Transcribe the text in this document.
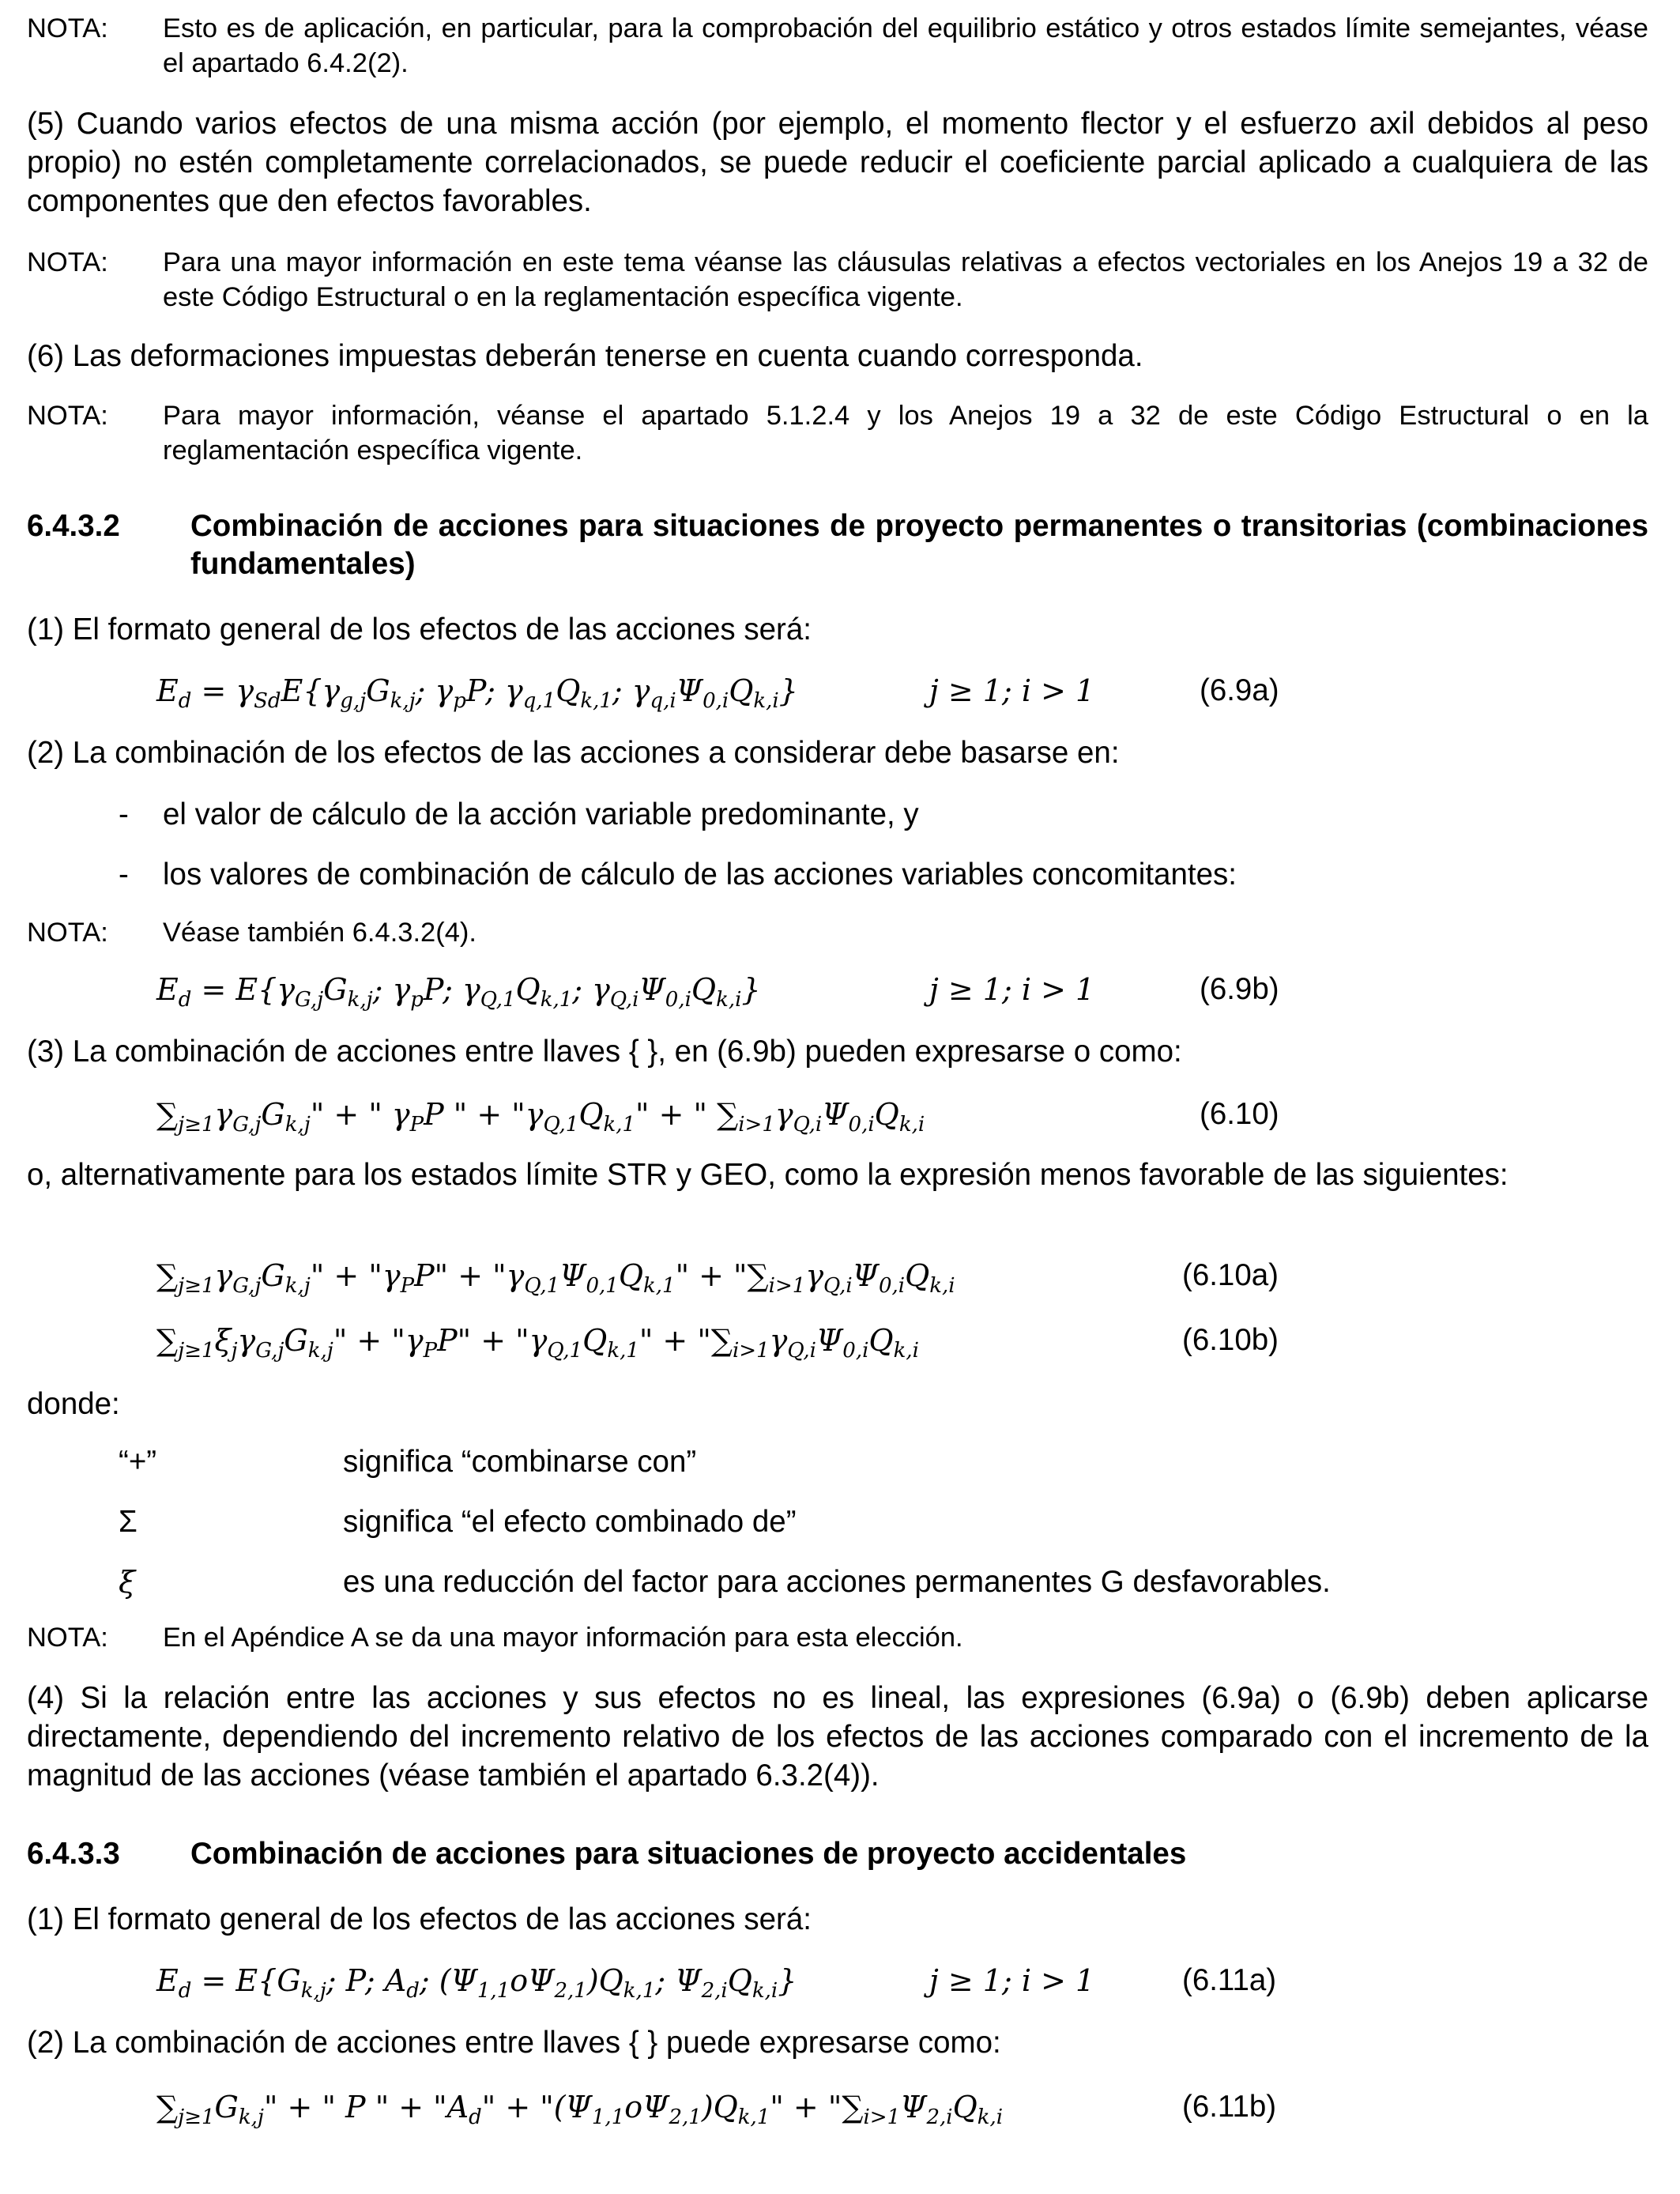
NOTA: Esto es de aplicación, en particular, para la comprobación del equilibrio estático y otros estados límite semejantes, véase el apartado 6.4.2(2).
(5) Cuando varios efectos de una misma acción (por ejemplo, el momento flector y el esfuerzo axil debidos al peso propio) no estén completamente correlacionados, se puede reducir el coeficiente parcial aplicado a cualquiera de las componentes que den efectos favorables.
NOTA: Para una mayor información en este tema véanse las cláusulas relativas a efectos vectoriales en los Anejos 19 a 32 de este Código Estructural o en la reglamentación específica vigente.
(6) Las deformaciones impuestas deberán tenerse en cuenta cuando corresponda.
NOTA: Para mayor información, véanse el apartado 5.1.2.4 y los Anejos 19 a 32 de este Código Estructural o en la reglamentación específica vigente.
6.4.3.2 Combinación de acciones para situaciones de proyecto permanentes o transitorias (combinaciones fundamentales)
(1) El formato general de los efectos de las acciones será:
$E_d = \gamma_{Sd}E\{\gamma_{g,j}G_{k,j}$; $\gamma_pP$; $\gamma_{q,1}Q_{k,1}$; $\gamma_{q,i}\Psi_{0,i}Q_{k,i}$}	j ≥ 1; i > 1	(6.9a)
(2) La combinación de los efectos de las acciones a considerar debe basarse en:
- el valor de cálculo de la acción variable predominante, y
- los valores de combinación de cálculo de las acciones variables concomitantes:
NOTA: Véase también 6.4.3.2(4).
$E_d = E\{\gamma_{G,j}G_{k,j}$; $\gamma_pP$; $\gamma_{Q,1}Q_{k,1}$; $\gamma_{Q,i}\Psi_{0,i}Q_{k,i}$}	j ≥ 1; i > 1	(6.9b)
(3) La combinación de acciones entre llaves { }, en (6.9b) pueden expresarse o como:
$\sum_{j\ge 1}\gamma_{G,j}G_{k,j}$" + " $\gamma_PP$ " + "$\gamma_{Q,1}Q_{k,1}$" + " $\sum_{i>1}\gamma_{Q,i}\Psi_{0,i}Q_{k,i}$	(6.10)
o, alternativamente para los estados límite STR y GEO, como la expresión menos favorable de las siguientes:
$\sum_{j\ge 1}\gamma_{G,j}G_{k,j}$" + "$\gamma_PP$" + "$\gamma_{Q,1}\Psi_{0,1}Q_{k,1}$" + "$\sum_{i>1}\gamma_{Q,i}\Psi_{0,i}Q_{k,i}$	(6.10a)
$\sum_{j\ge 1}\xi_j\gamma_{G,j}G_{k,j}$" + "$\gamma_PP$" + "$\gamma_{Q,1}Q_{k,1}$" + "$\sum_{i>1}\gamma_{Q,i}\Psi_{0,i}Q_{k,i}$	(6.10b)
donde:
“+”	significa “combinarse con”
Σ	significa “el efecto combinado de”
ξ	es una reducción del factor para acciones permanentes G desfavorables.
NOTA: En el Apéndice A se da una mayor información para esta elección.
(4) Si la relación entre las acciones y sus efectos no es lineal, las expresiones (6.9a) o (6.9b) deben aplicarse directamente, dependiendo del incremento relativo de los efectos de las acciones comparado con el incremento de la magnitud de las acciones (véase también el apartado 6.3.2(4)).
6.4.3.3 Combinación de acciones para situaciones de proyecto accidentales
(1) El formato general de los efectos de las acciones será:
$E_d = E\{G_{k,j}$; P; $A_d$; $(\Psi_{1,1}o\Psi_{2,1})Q_{k,1}$; $\Psi_{2,i}Q_{k,i}$}	j ≥ 1; i > 1	(6.11a)
(2) La combinación de acciones entre llaves { } puede expresarse como:
$\sum_{j\ge 1}G_{k,j}$" + " P " + "$A_d$" + "$(\Psi_{1,1}o\Psi_{2,1})Q_{k,1}$" + "$\sum_{i>1}\Psi_{2,i}Q_{k,i}$	(6.11b)
